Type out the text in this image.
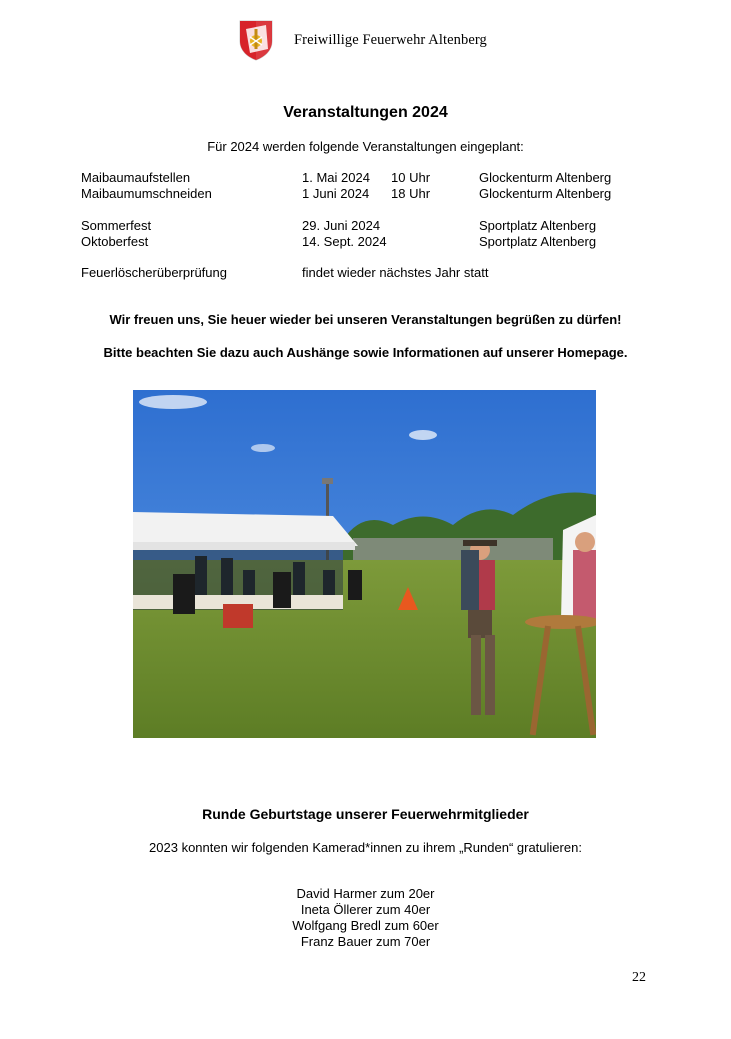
Freiwillige Feuerwehr Altenberg
Veranstaltungen 2024
Für 2024 werden folgende Veranstaltungen eingeplant:
Maibaumaufstellen	1. Mai 2024 10 Uhr	Glockenturm Altenberg
Maibaumumschneiden	1 Juni 2024 18 Uhr	Glockenturm Altenberg
Sommerfest	29. Juni 2024	Sportplatz Altenberg
Oktoberfest	14. Sept. 2024	Sportplatz Altenberg
Feuerlöscherüberprüfung	findet wieder nächstes Jahr statt
Wir freuen uns, Sie heuer wieder bei unseren Veranstaltungen begrüßen zu dürfen!
Bitte beachten Sie dazu auch Aushänge sowie Informationen auf unserer Homepage.
Runde Geburtstage unserer Feuerwehrmitglieder
2023 konnten wir folgenden Kamerad*innen zu ihrem „Runden“ gratulieren:
David Harmer zum 20er
Ineta Öllerer zum 40er
Wolfgang Bredl zum 60er
Franz Bauer zum 70er
22
